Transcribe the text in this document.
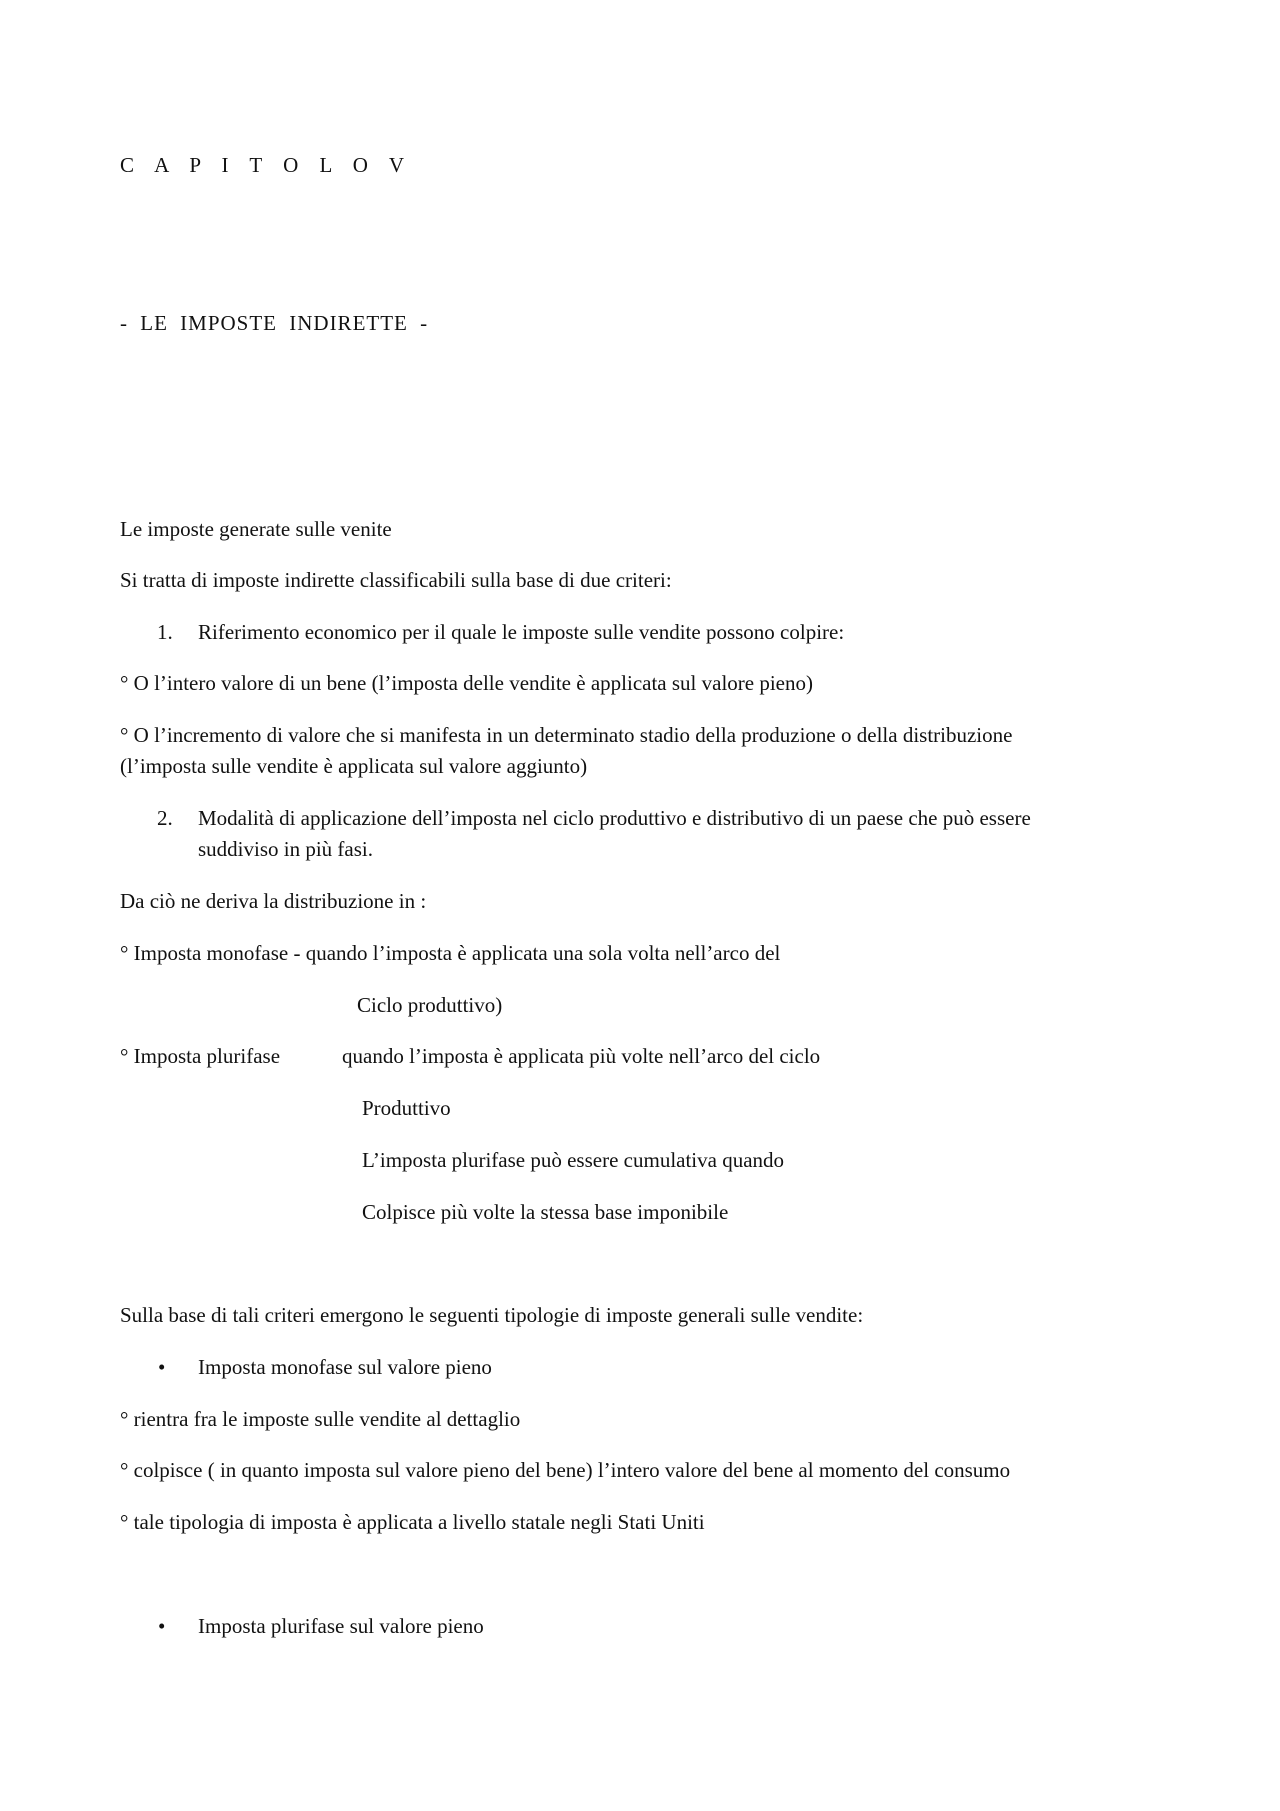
C A P I T O L O V
- LE IMPOSTE INDIRETTE -
Le imposte generate sulle venite
Si tratta di imposte indirette classificabili sulla base di due criteri:
1. Riferimento economico per il quale le imposte sulle vendite possono colpire:
° O l’intero valore di un bene (l’imposta delle vendite è applicata sul valore pieno)
° O l’incremento di valore che si manifesta in un determinato stadio della produzione o della distribuzione
(l’imposta sulle vendite è applicata sul valore aggiunto)
2. Modalità di applicazione dell’imposta nel ciclo produttivo e distributivo di un paese che può essere
suddiviso in più fasi.
Da ciò ne deriva la distribuzione in :
° Imposta monofase - quando l’imposta è applicata una sola volta nell’arco del
Ciclo produttivo)
° Imposta plurifase	quando l’imposta è applicata più volte nell’arco del ciclo
Produttivo
L’imposta plurifase può essere cumulativa quando
Colpisce più volte la stessa base imponibile
Sulla base di tali criteri emergono le seguenti tipologie di imposte generali sulle vendite:
• Imposta monofase sul valore pieno
° rientra fra le imposte sulle vendite al dettaglio
° colpisce ( in quanto imposta sul valore pieno del bene) l’intero valore del bene al momento del consumo
° tale tipologia di imposta è applicata a livello statale negli Stati Uniti
• Imposta plurifase sul valore pieno
